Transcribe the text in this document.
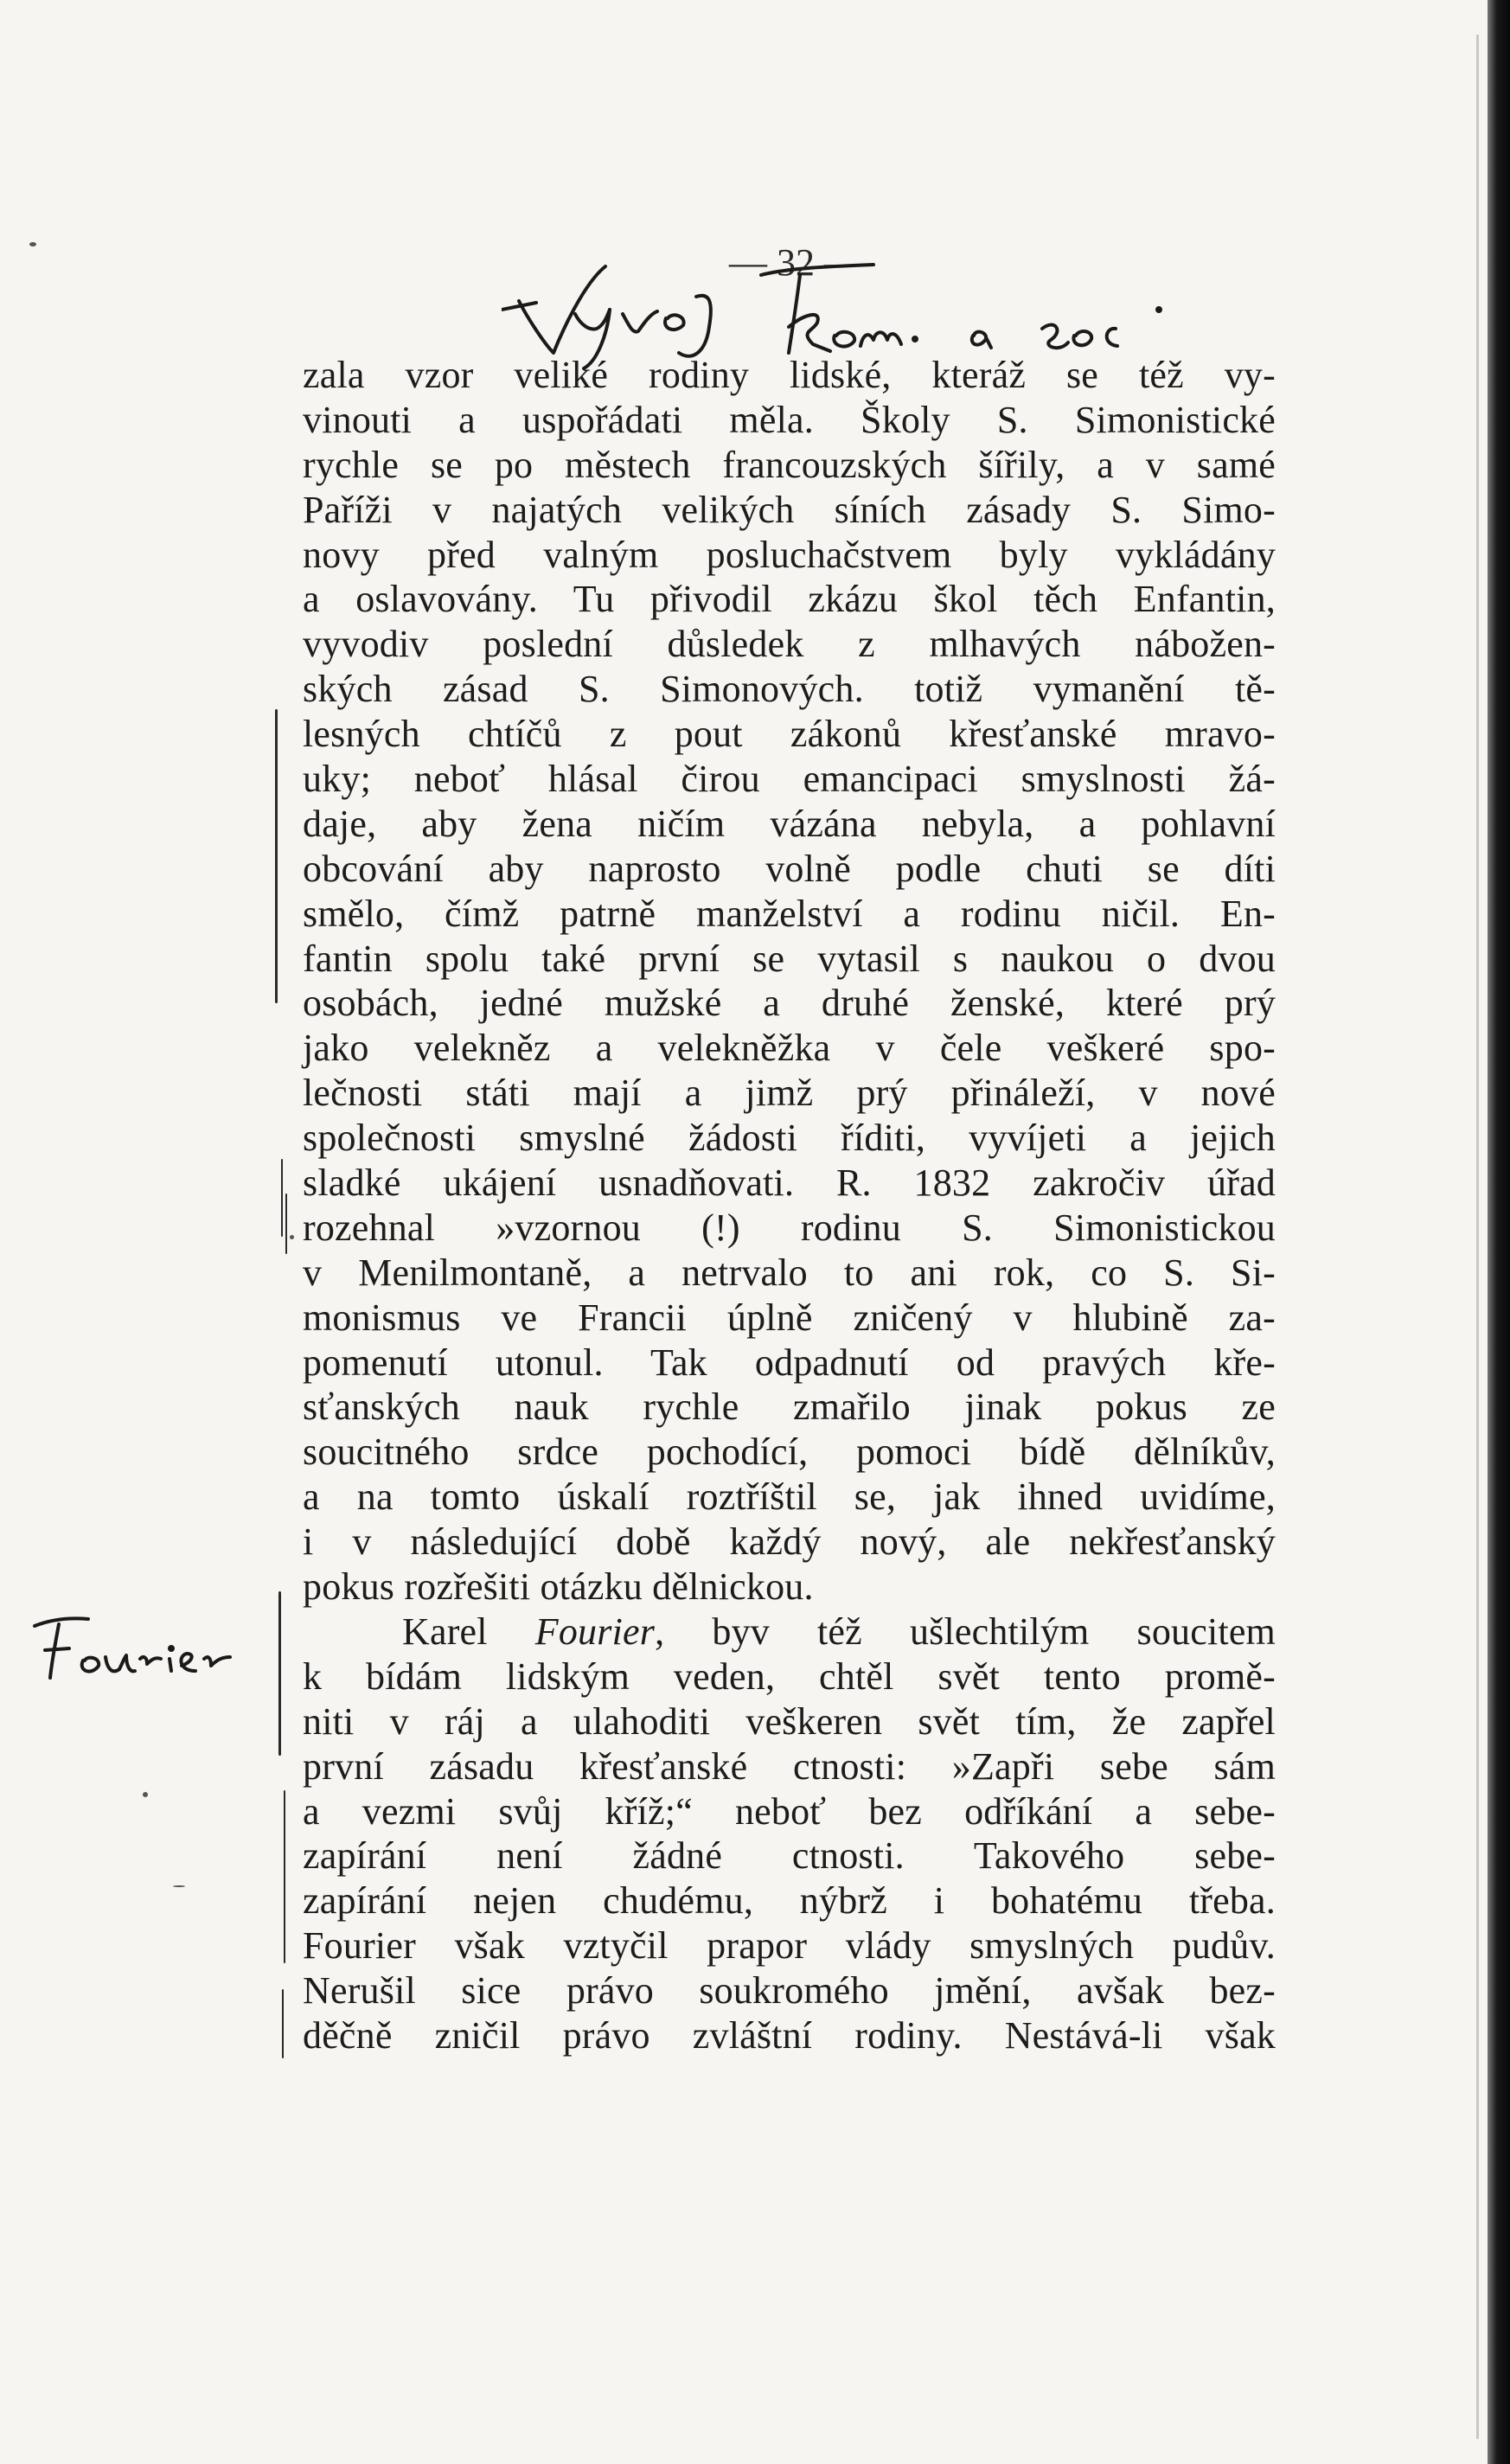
— 32 —
zala vzor veliké rodiny lidské, kteráž se též vy-
vinouti a uspořádati měla. Školy S. Simonistické
rychle se po městech francouzských šířily, a v samé
Paříži v najatých velikých síních zásady S. Simo-
novy před valným posluchačstvem byly vykládány
a oslavovány. Tu přivodil zkázu škol těch Enfantin,
vyvodiv poslední důsledek z mlhavých nábožen-
ských zásad S. Simonových. totiž vymanění tě-
lesných chtíčů z pout zákonů křesťanské mravo-
uky; neboť hlásal čirou emancipaci smyslnosti žá-
daje, aby žena ničím vázána nebyla, a pohlavní
obcování aby naprosto volně podle chuti se díti
smělo, čímž patrně manželství a rodinu ničil. En-
fantin spolu také první se vytasil s naukou o dvou
osobách, jedné mužské a druhé ženské, které prý
jako velekněz a velekněžka v čele veškeré spo-
lečnosti státi mají a jimž prý přináleží, v nové
společnosti smyslné žádosti říditi, vyvíjeti a jejich
sladké ukájení usnadňovati. R. 1832 zakročiv úřad
rozehnal »vzornou (!) rodinu S. Simonistickou
v Menilmontaně, a netrvalo to ani rok, co S. Si-
monismus ve Francii úplně zničený v hlubině za-
pomenutí utonul. Tak odpadnutí od pravých kře-
sťanských nauk rychle zmařilo jinak pokus ze
soucitného srdce pochodící, pomoci bídě dělníkův,
a na tomto úskalí roztříštil se, jak ihned uvidíme,
i v následující době každý nový, ale nekřesťanský
pokus rozřešiti otázku dělnickou.
Karel Fourier, byv též ušlechtilým soucitem
k bídám lidským veden, chtěl svět tento promě-
niti v ráj a ulahoditi veškeren svět tím, že zapřel
první zásadu křesťanské ctnosti: »Zapři sebe sám
a vezmi svůj kříž;“ neboť bez odříkání a sebe-
zapírání není žádné ctnosti. Takového sebe-
zapírání nejen chudému, nýbrž i bohatému třeba.
Fourier však vztyčil prapor vlády smyslných pudův.
Nerušil sice právo soukromého jmění, avšak bez-
děčně zničil právo zvláštní rodiny. Nestává-li však
